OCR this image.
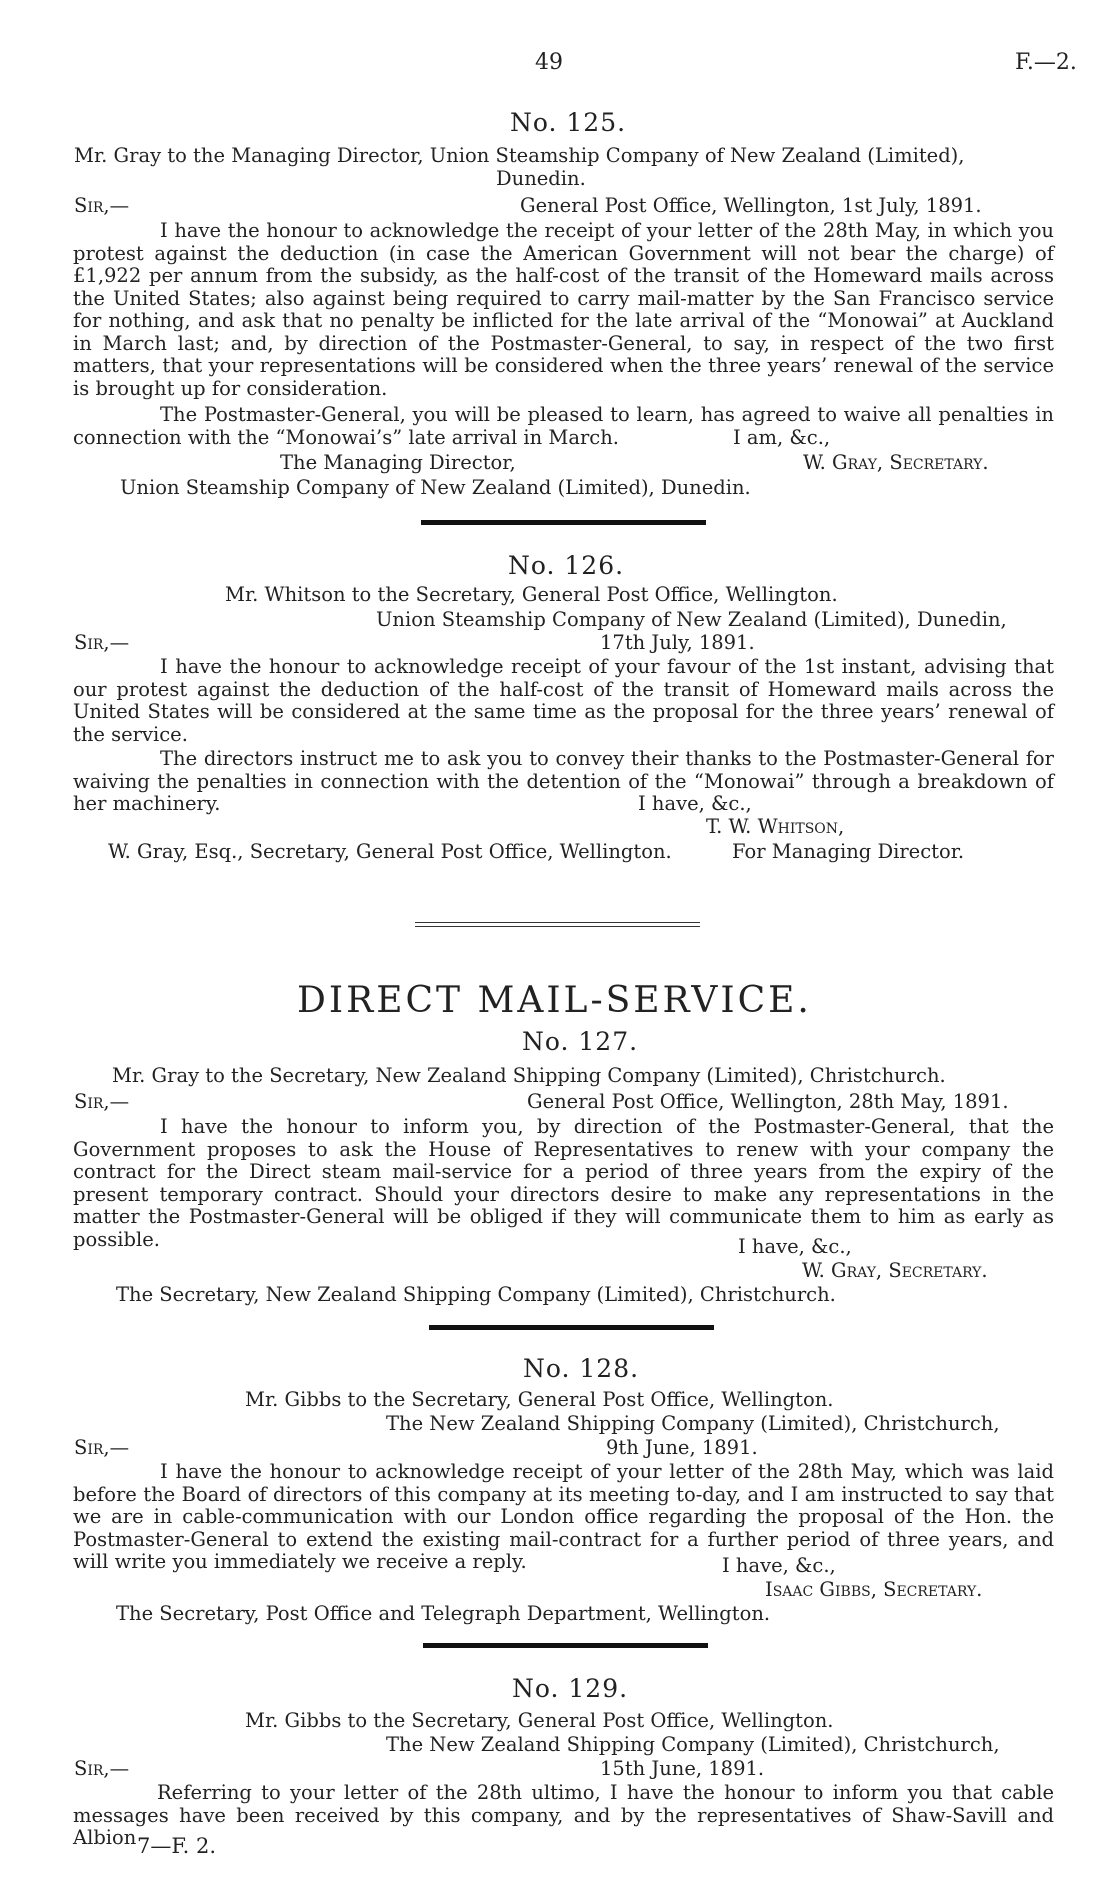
49	F.—2.
No. 125.
Mr. Gray to the Managing Director, Union Steamship Company of New Zealand (Limited),
Dunedin.
Sir,—	General Post Office, Wellington, 1st July, 1891.
I have the honour to acknowledge the receipt of your letter of the 28th May, in which you protest against the deduction (in case the American Government will not bear the charge) of £1,922 per annum from the subsidy, as the half-cost of the transit of the Homeward mails across the United States; also against being required to carry mail-matter by the San Francisco service for nothing, and ask that no penalty be inflicted for the late arrival of the “Monowai” at Auckland in March last; and, by direction of the Postmaster-General, to say, in respect of the two first matters, that your representations will be considered when the three years’ renewal of the service is brought up for consideration.
The Postmaster-General, you will be pleased to learn, has agreed to waive all penalties in connection with the “Monowai’s” late arrival in March.	I am, &c.,
The Managing Director,	W. Gray, Secretary.
Union Steamship Company of New Zealand (Limited), Dunedin.
No. 126.
Mr. Whitson to the Secretary, General Post Office, Wellington.
Union Steamship Company of New Zealand (Limited), Dunedin,
Sir,—	17th July, 1891.
I have the honour to acknowledge receipt of your favour of the 1st instant, advising that our protest against the deduction of the half-cost of the transit of Homeward mails across the United States will be considered at the same time as the proposal for the three years’ renewal of the service.
The directors instruct me to ask you to convey their thanks to the Postmaster-General for waiving the penalties in connection with the detention of the “Monowai” through a breakdown of her machinery.	I have, &c.,
T. W. Whitson,
W. Gray, Esq., Secretary, General Post Office, Wellington.	For Managing Director.
DIRECT MAIL-SERVICE.
No. 127.
Mr. Gray to the Secretary, New Zealand Shipping Company (Limited), Christchurch.
Sir,—	General Post Office, Wellington, 28th May, 1891.
I have the honour to inform you, by direction of the Postmaster-General, that the Government proposes to ask the House of Representatives to renew with your company the contract for the Direct steam mail-service for a period of three years from the expiry of the present temporary contract. Should your directors desire to make any representations in the matter the Postmaster-General will be obliged if they will communicate them to him as early as possible.	I have, &c.,
W. Gray, Secretary.
The Secretary, New Zealand Shipping Company (Limited), Christchurch.
No. 128.
Mr. Gibbs to the Secretary, General Post Office, Wellington.
The New Zealand Shipping Company (Limited), Christchurch,
Sir,—	9th June, 1891.
I have the honour to acknowledge receipt of your letter of the 28th May, which was laid before the Board of directors of this company at its meeting to-day, and I am instructed to say that we are in cable-communication with our London office regarding the proposal of the Hon. the Postmaster-General to extend the existing mail-contract for a further period of three years, and will write you immediately we receive a reply.	I have, &c.,
Isaac Gibbs, Secretary.
The Secretary, Post Office and Telegraph Department, Wellington.
No. 129.
Mr. Gibbs to the Secretary, General Post Office, Wellington.
The New Zealand Shipping Company (Limited), Christchurch,
Sir,—	15th June, 1891.
Referring to your letter of the 28th ultimo, I have the honour to inform you that cable messages have been received by this company, and by the representatives of Shaw-Savill and Albion 7—F. 2.
